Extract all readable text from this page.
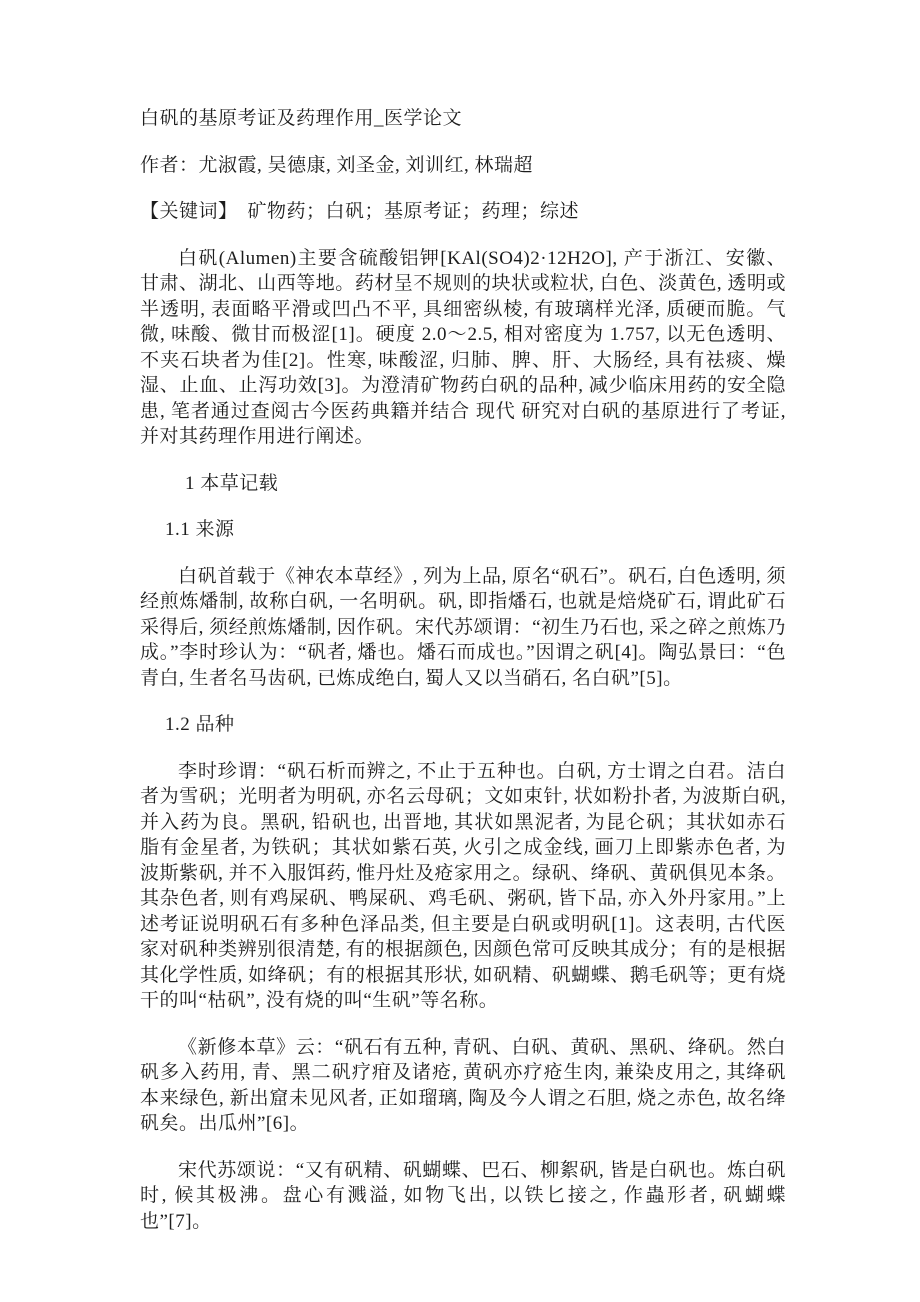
白矾的基原考证及药理作用_医学论文

作者：尤淑霞, 吴德康, 刘圣金, 刘训红, 林瑞超

【关键词】　矿物药；白矾；基原考证；药理；综述

白矾(Alumen)主要含硫酸铝钾[KAl(SO4)2·12H2O], 产于浙江、安徽、甘肃、湖北、山西等地。药材呈不规则的块状或粒状, 白色、淡黄色, 透明或半透明, 表面略平滑或凹凸不平, 具细密纵棱, 有玻璃样光泽, 质硬而脆。气微, 味酸、微甘而极涩[1]。硬度 2.0～2.5, 相对密度为 1.757, 以无色透明、不夹石块者为佳[2]。性寒, 味酸涩, 归肺、脾、肝、大肠经, 具有祛痰、燥湿、止血、止泻功效[3]。为澄清矿物药白矾的品种, 减少临床用药的安全隐患, 笔者通过查阅古今医药典籍并结合 现代 研究对白矾的基原进行了考证, 并对其药理作用进行阐述。

1 本草记载

1.1 来源

白矾首载于《神农本草经》, 列为上品, 原名“矾石”。矾石, 白色透明, 须经煎炼燔制, 故称白矾, 一名明矾。矾, 即指燔石, 也就是焙烧矿石, 谓此矿石采得后, 须经煎炼燔制, 因作矾。宋代苏颂谓：“初生乃石也, 采之碎之煎炼乃成。”李时珍认为：“矾者, 燔也。燔石而成也。”因谓之矾[4]。陶弘景曰：“色青白, 生者名马齿矾, 已炼成绝白, 蜀人又以当硝石, 名白矾”[5]。

1.2 品种

李时珍谓：“矾石析而辨之, 不止于五种也。白矾, 方士谓之白君。洁白者为雪矾；光明者为明矾, 亦名云母矾；文如束针, 状如粉扑者, 为波斯白矾, 并入药为良。黑矾, 铅矾也, 出晋地, 其状如黑泥者, 为昆仑矾；其状如赤石脂有金星者, 为铁矾；其状如紫石英, 火引之成金线, 画刀上即紫赤色者, 为波斯紫矾, 并不入服饵药, 惟丹灶及疮家用之。绿矾、绛矾、黄矾俱见本条。其杂色者, 则有鸡屎矾、鸭屎矾、鸡毛矾、粥矾, 皆下品, 亦入外丹家用。”上述考证说明矾石有多种色泽品类, 但主要是白矾或明矾[1]。这表明, 古代医家对矾种类辨别很清楚, 有的根据颜色, 因颜色常可反映其成分；有的是根据其化学性质, 如绛矾；有的根据其形状, 如矾精、矾蝴蝶、鹅毛矾等；更有烧干的叫“枯矾”, 没有烧的叫“生矾”等名称。

《新修本草》云：“矾石有五种, 青矾、白矾、黄矾、黑矾、绛矾。然白矾多入药用, 青、黑二矾疗疳及诸疮, 黄矾亦疗疮生肉, 兼染皮用之, 其绛矾本来绿色, 新出窟未见风者, 正如瑠璃, 陶及今人谓之石胆, 烧之赤色, 故名绛矾矣。出瓜州”[6]。

宋代苏颂说：“又有矾精、矾蝴蝶、巴石、柳絮矾, 皆是白矾也。炼白矾时, 候其极沸。盘心有溅溢, 如物飞出, 以铁匕接之, 作蟲形者, 矾蝴蝶也”[7]。
